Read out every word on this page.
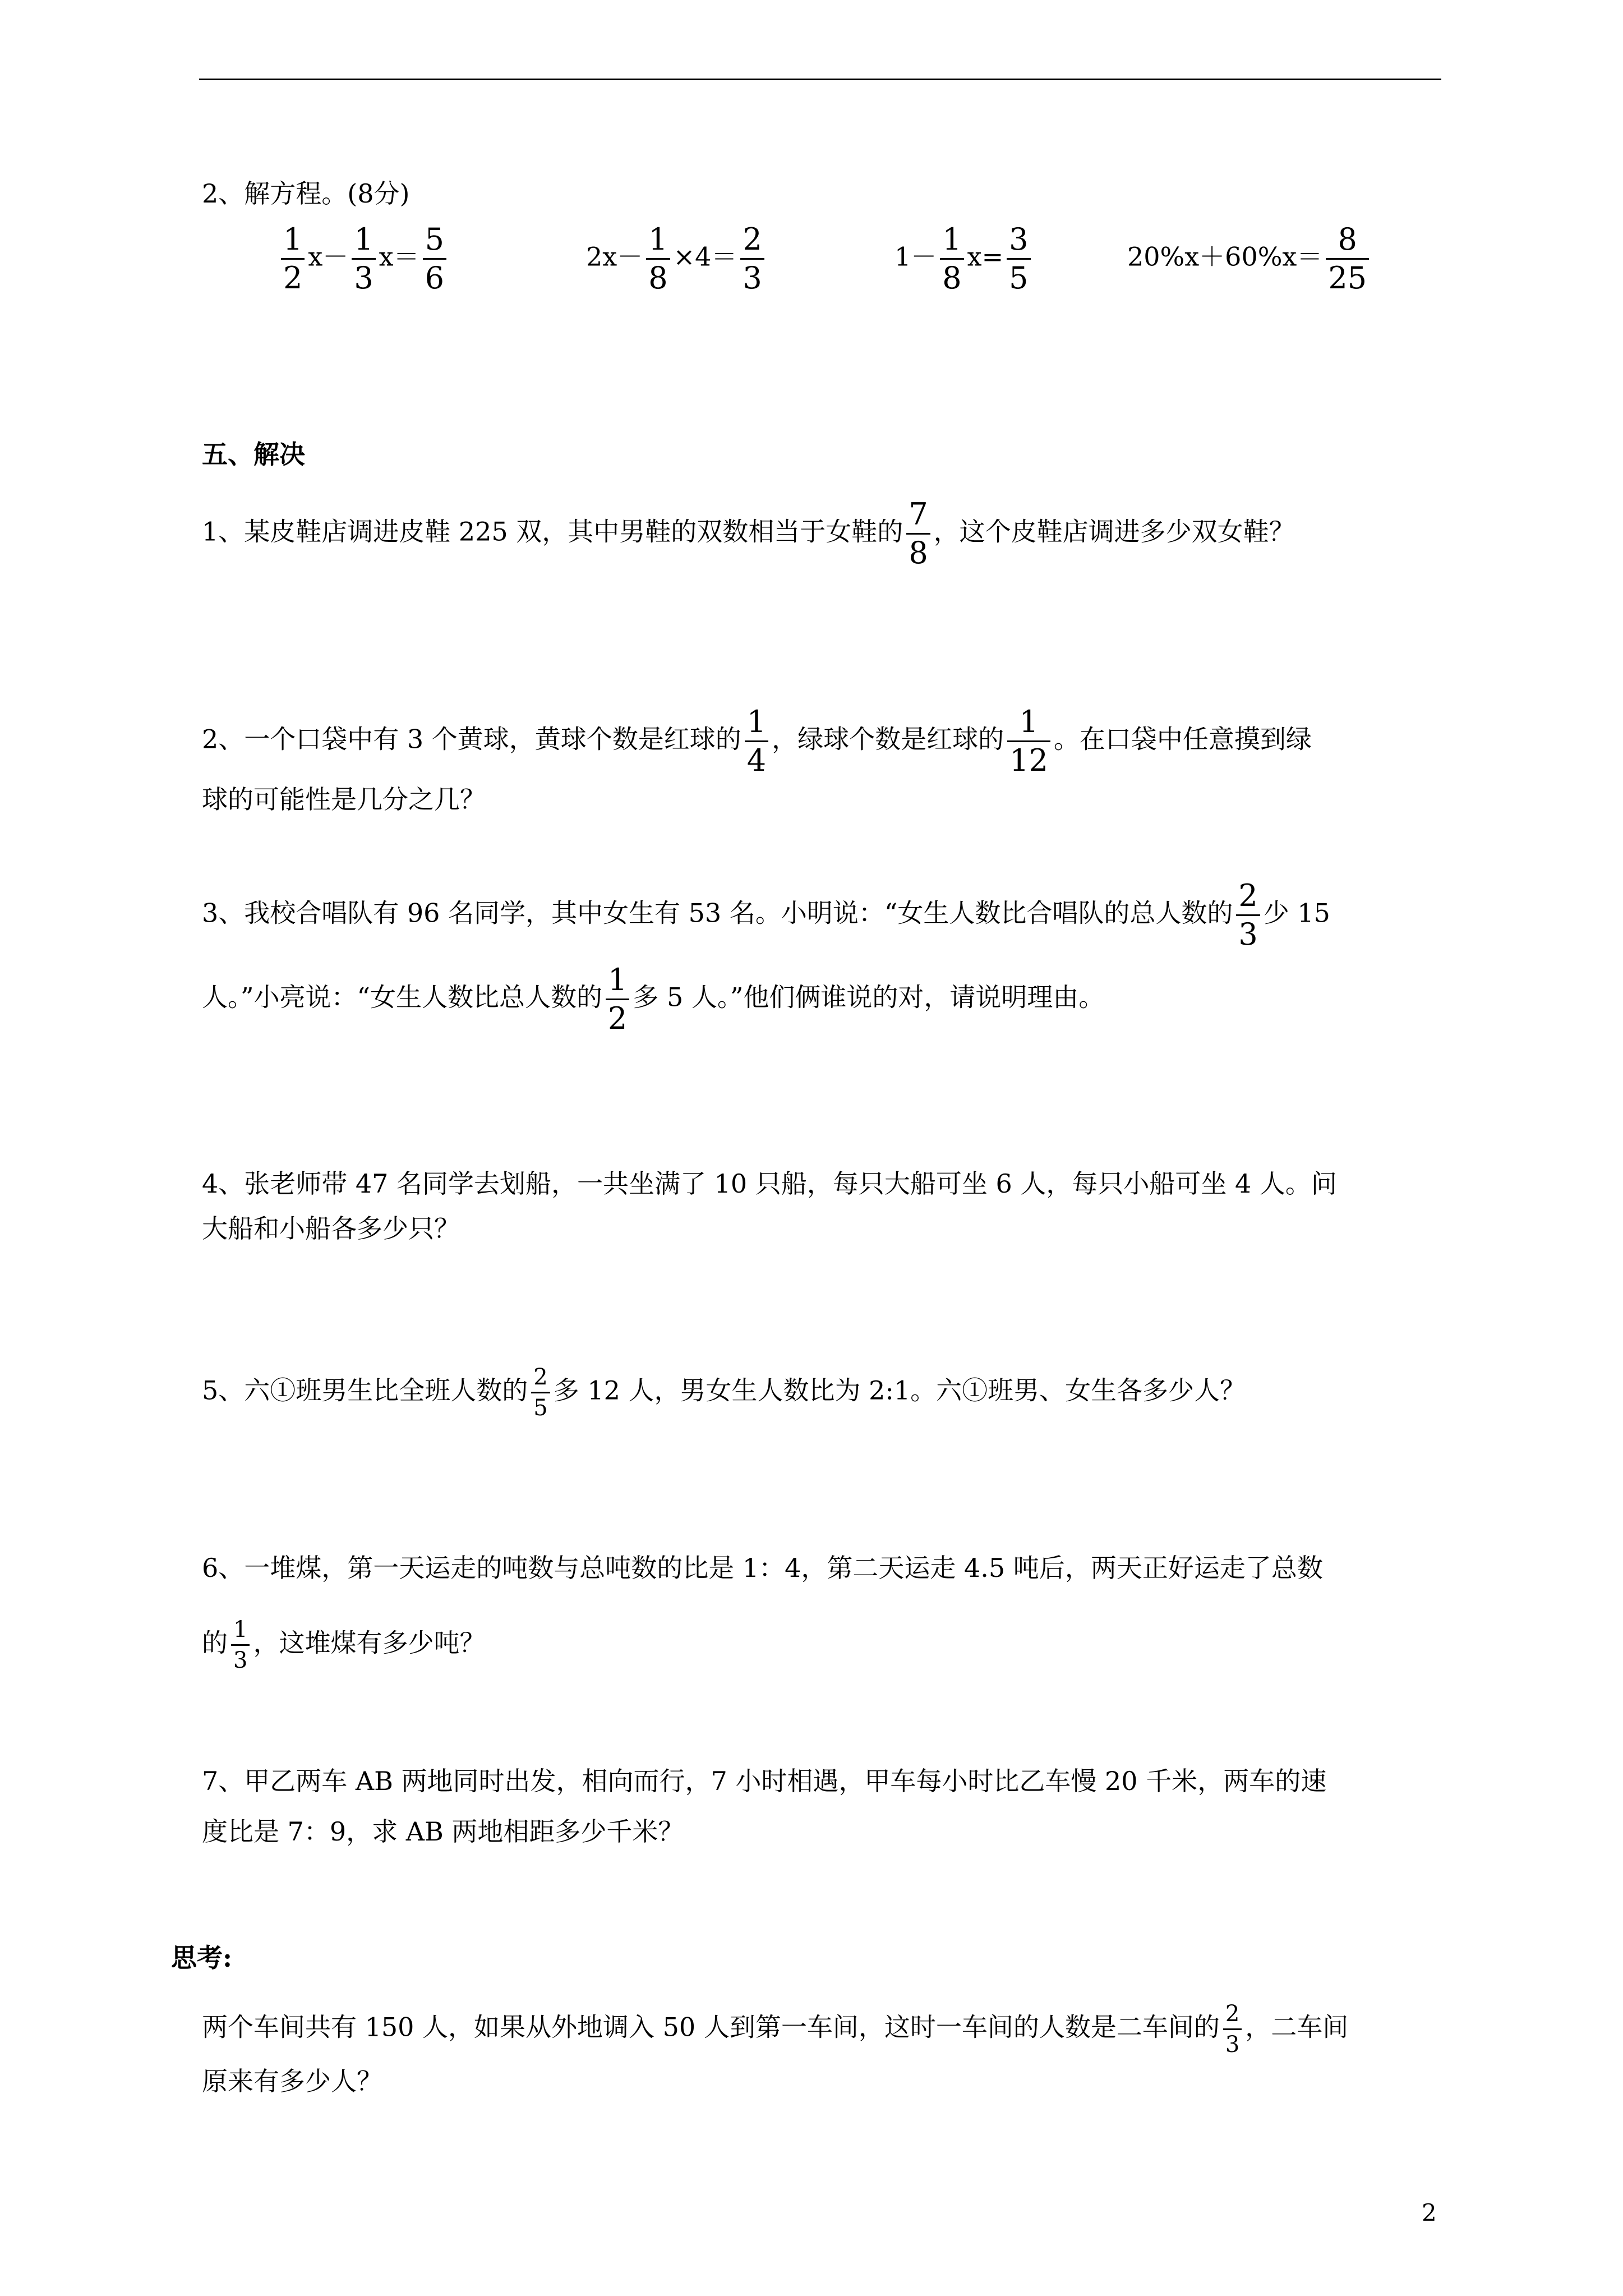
2、解方程。(8分)
$\frac{1}{2} x- \frac{1}{3} x= \frac{5}{6}$	$2x- \frac{1}{8} \times 4= \frac{2}{3}$	$1- \frac{1}{8} x= \frac{3}{5}$	$20\%x+60\%x= \frac{8}{25}$
五、解决
1、某皮鞋店调进皮鞋 225 双，其中男鞋的双数相当于女鞋的 $\frac{7}{8}$ ，这个皮鞋店调进多少双女鞋？
2、一个口袋中有 3 个黄球，黄球个数是红球的 $\frac{1}{4}$ ，绿球个数是红球的 $\frac{1}{12}$ 。在口袋中任意摸到绿
球的可能性是几分之几？
3、我校合唱队有 96 名同学，其中女生有 53 名。小明说：“女生人数比合唱队的总人数的 $\frac{2}{3}$ 少 15
人。”小亮说：“女生人数比总人数的 $\frac{1}{2}$ 多 5 人。”他们俩谁说的对，请说明理由。
4、张老师带 47 名同学去划船，一共坐满了 10 只船，每只大船可坐 6 人，每只小船可坐 4 人。问
大船和小船各多少只？
5、六①班男生比全班人数的 $\frac{2}{5}$ 多 12 人，男女生人数比为 2:1。六①班男、女生各多少人？
6、一堆煤，第一天运走的吨数与总吨数的比是 1：4，第二天运走 4.5 吨后，两天正好运走了总数
的 $\frac{1}{3}$ ，这堆煤有多少吨？
7、甲乙两车 AB 两地同时出发，相向而行，7 小时相遇，甲车每小时比乙车慢 20 千米，两车的速
度比是 7：9，求 AB 两地相距多少千米？
思考:
两个车间共有 150 人，如果从外地调入 50 人到第一车间，这时一车间的人数是二车间的 $\frac{2}{3}$ ，二车间
原来有多少人？
2
